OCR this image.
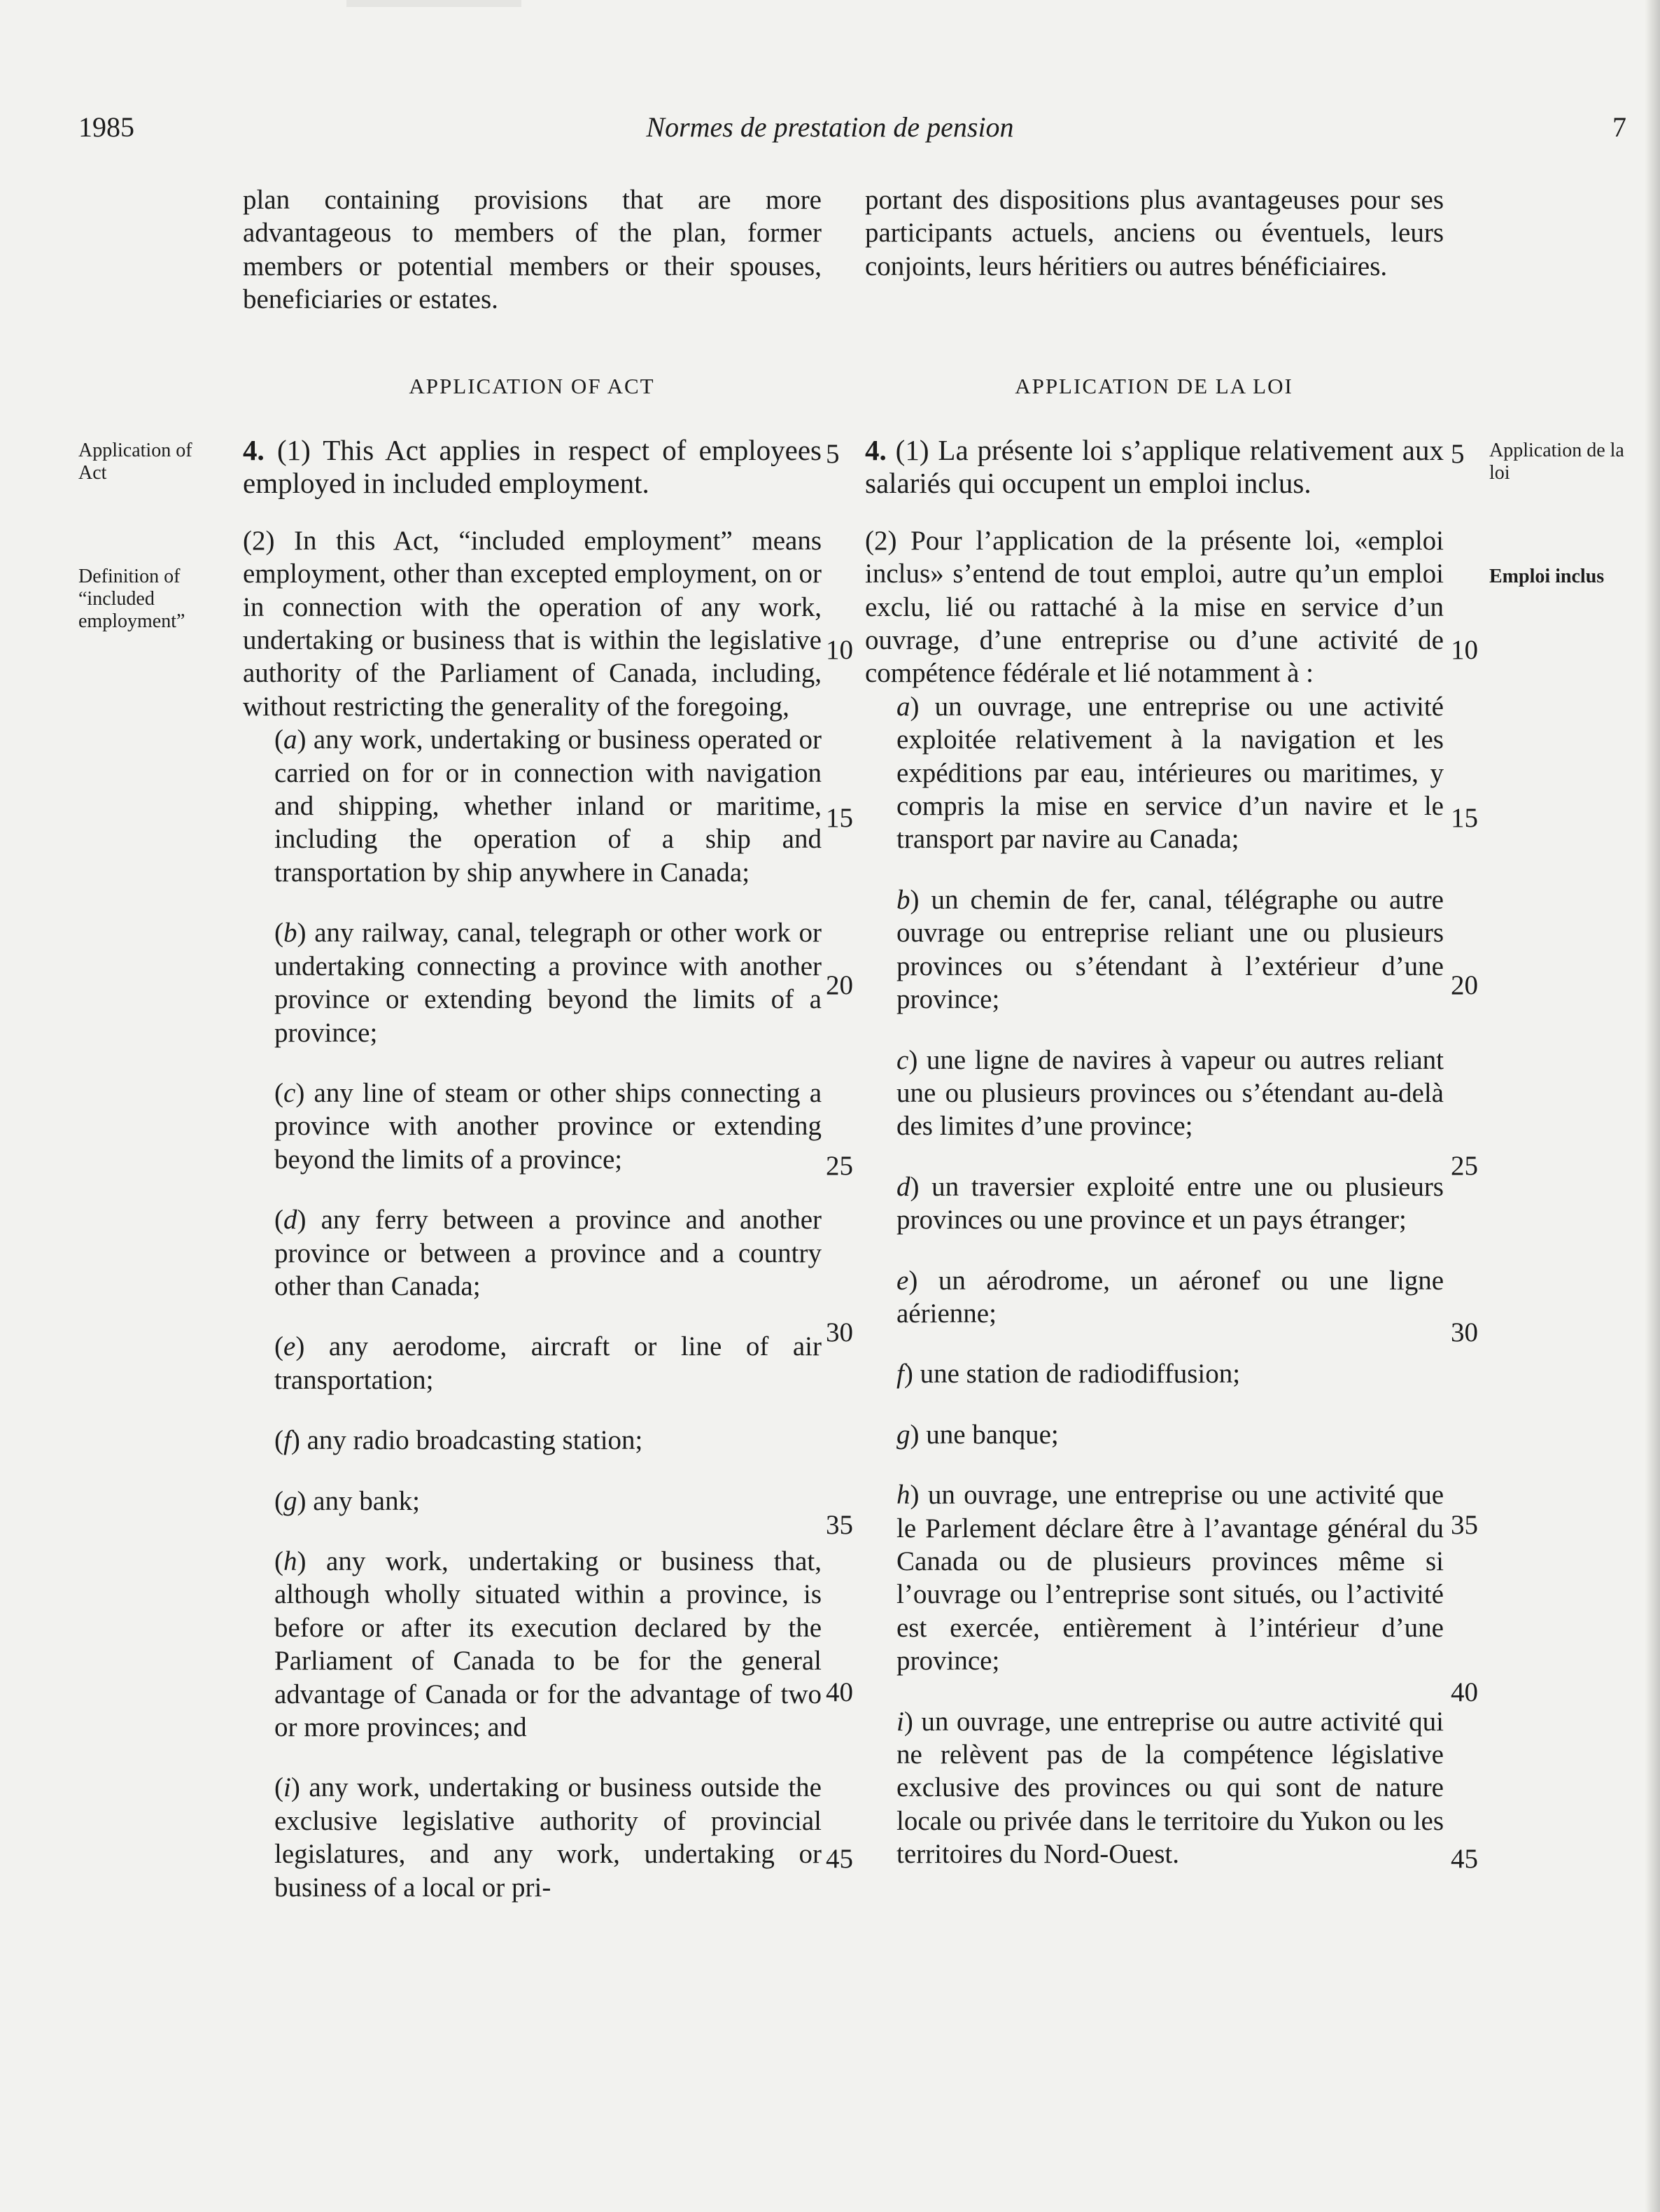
1985	Normes de prestation de pension	7

plan containing provisions that are more advantageous to members of the plan, former members or potential members or their spouses, beneficiaries or estates.

portant des dispositions plus avantageuses pour ses participants actuels, anciens ou éventuels, leurs conjoints, leurs héritiers ou autres bénéficiaires.

APPLICATION OF ACT	APPLICATION DE LA LOI
Application of Act
Definition of “included employment”
Application de la loi
Emploi inclus

4. (1) This Act applies in respect of employees employed in included employment.

(2) In this Act, “included employment” means employment, other than excepted employment, on or in connection with the operation of any work, undertaking or business that is within the legislative authority of the Parliament of Canada, including, without restricting the generality of the foregoing,

(a) any work, undertaking or business operated or carried on for or in connection with navigation and shipping, whether inland or maritime, including the operation of a ship and transportation by ship anywhere in Canada;

(b) any railway, canal, telegraph or other work or undertaking connecting a province with another province or extending beyond the limits of a province;

(c) any line of steam or other ships connecting a province with another province or extending beyond the limits of a province;

(d) any ferry between a province and another province or between a province and a country other than Canada;

(e) any aerodome, aircraft or line of air transportation;

(f) any radio broadcasting station;

(g) any bank;

(h) any work, undertaking or business that, although wholly situated within a province, is before or after its execution declared by the Parliament of Canada to be for the general advantage of Canada or for the advantage of two or more provinces; and

(i) any work, undertaking or business outside the exclusive legislative authority of provincial legislatures, and any work, undertaking or business of a local or pri-

4. (1) La présente loi s’applique relativement aux salariés qui occupent un emploi inclus.

(2) Pour l’application de la présente loi, «emploi inclus» s’entend de tout emploi, autre qu’un emploi exclu, lié ou rattaché à la mise en service d’un ouvrage, d’une entreprise ou d’une activité de compétence fédérale et lié notamment à :

a) un ouvrage, une entreprise ou une activité exploitée relativement à la navigation et les expéditions par eau, intérieures ou maritimes, y compris la mise en service d’un navire et le transport par navire au Canada;

b) un chemin de fer, canal, télégraphe ou autre ouvrage ou entreprise reliant une ou plusieurs provinces ou s’étendant à l’extérieur d’une province;

c) une ligne de navires à vapeur ou autres reliant une ou plusieurs provinces ou s’étendant au-delà des limites d’une province;

d) un traversier exploité entre une ou plusieurs provinces ou une province et un pays étranger;

e) un aérodrome, un aéronef ou une ligne aérienne;

f) une station de radiodiffusion;

g) une banque;

h) un ouvrage, une entreprise ou une activité que le Parlement déclare être à l’avantage général du Canada ou de plusieurs provinces même si l’ouvrage ou l’entreprise sont situés, ou l’activité est exercée, entièrement à l’intérieur d’une province;

i) un ouvrage, une entreprise ou autre activité qui ne relèvent pas de la compétence législative exclusive des provinces ou qui sont de nature locale ou privée dans le territoire du Yukon ou les territoires du Nord-Ouest.

5
10
15
20
25
30
35
40
45
5
10
15
20
25
30
35
40
45
